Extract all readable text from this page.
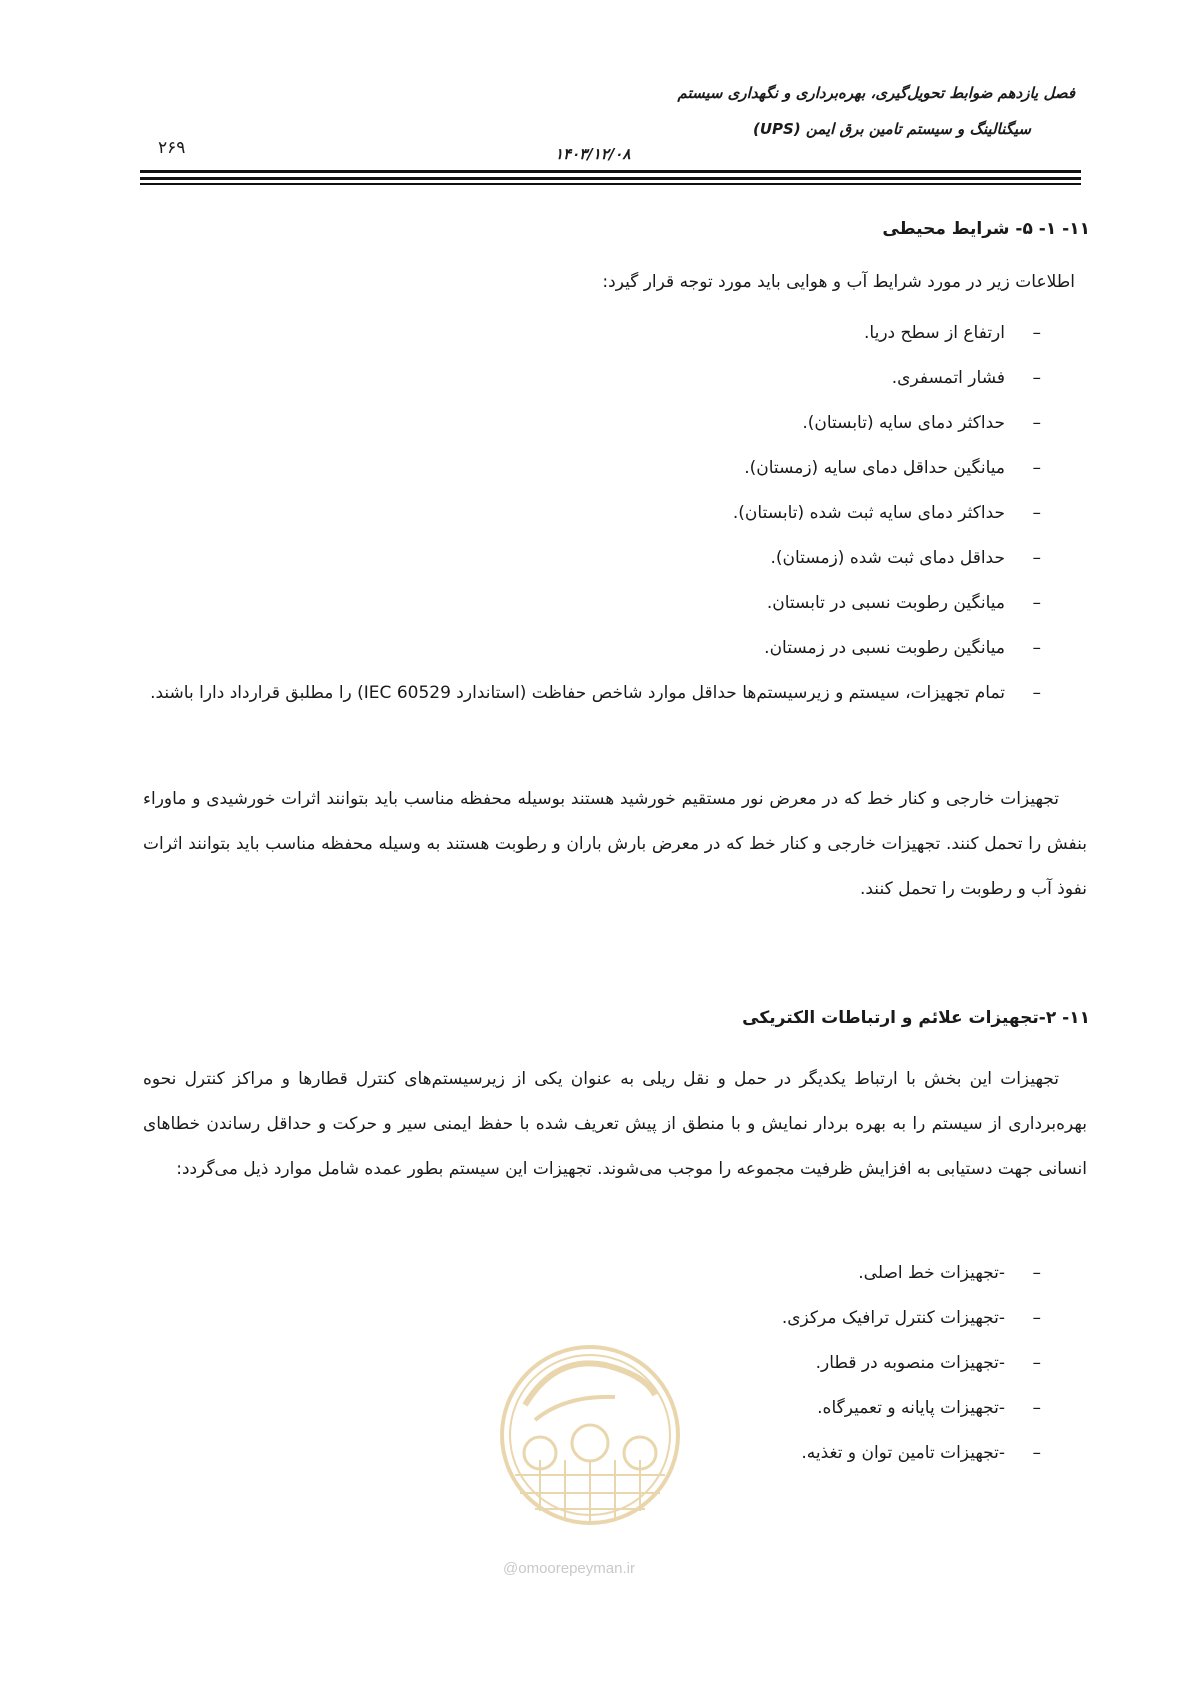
فصل یازدهم ضوابط تحویل‌گیری، بهره‌برداری و نگهداری سیستم
سیگنالینگ و سیستم تامین برق ایمن (UPS)
۱۴۰۳/۱۲/۰۸
۲۶۹
۱۱- ۱- ۵- شرایط محیطی
اطلاعات زیر در مورد شرایط آب و هوایی باید مورد توجه قرار گیرد:
–
ارتفاع از سطح دریا.
–
فشار اتمسفری.
–
حداکثر دمای سایه (تابستان).
–
میانگین حداقل دمای سایه (زمستان).
–
حداکثر دمای سایه ثبت شده (تابستان).
–
حداقل دمای ثبت شده (زمستان).
–
میانگین رطوبت نسبی در تابستان.
–
میانگین رطوبت نسبی در زمستان.
–
تمام تجهیزات، سیستم و زیرسیستم‌ها حداقل موارد شاخص حفاظت (استاندارد IEC 60529) را مطلبق قرارداد دارا باشند.

تجهیزات خارجی و کنار خط که در معرض نور مستقیم خورشید هستند بوسیله محفظه مناسب باید بتوانند اثرات خورشیدی و ماوراء بنفش را تحمل کنند. تجهیزات خارجی و کنار خط که در معرض بارش باران و رطوبت هستند به وسیله محفظه مناسب باید بتوانند اثرات نفوذ آب و رطوبت را تحمل کنند.

۱۱- ۲-تجهیزات علائم و ارتباطات الکتریکی

تجهیزات این بخش با ارتباط یکدیگر در حمل و نقل ریلی به عنوان یکی از زیرسیستم‌های کنترل قطارها و مراکز کنترل نحوه بهره‌برداری از سیستم را به بهره بردار نمایش و با منطق از پیش تعریف شده با حفظ ایمنی سیر و حرکت و حداقل رساندن خطاهای انسانی جهت دستیابی به افزایش ظرفیت مجموعه را موجب می‌شوند. تجهیزات این سیستم بطور عمده شامل موارد ذیل می‌گردد:

–
-تجهیزات خط اصلی.
–
-تجهیزات کنترل ترافیک مرکزی.
–
-تجهیزات منصوبه در قطار.
–
-تجهیزات پایانه و تعمیرگاه.
–
-تجهیزات تامین توان و تغذیه.
@omoorepeyman.ir
